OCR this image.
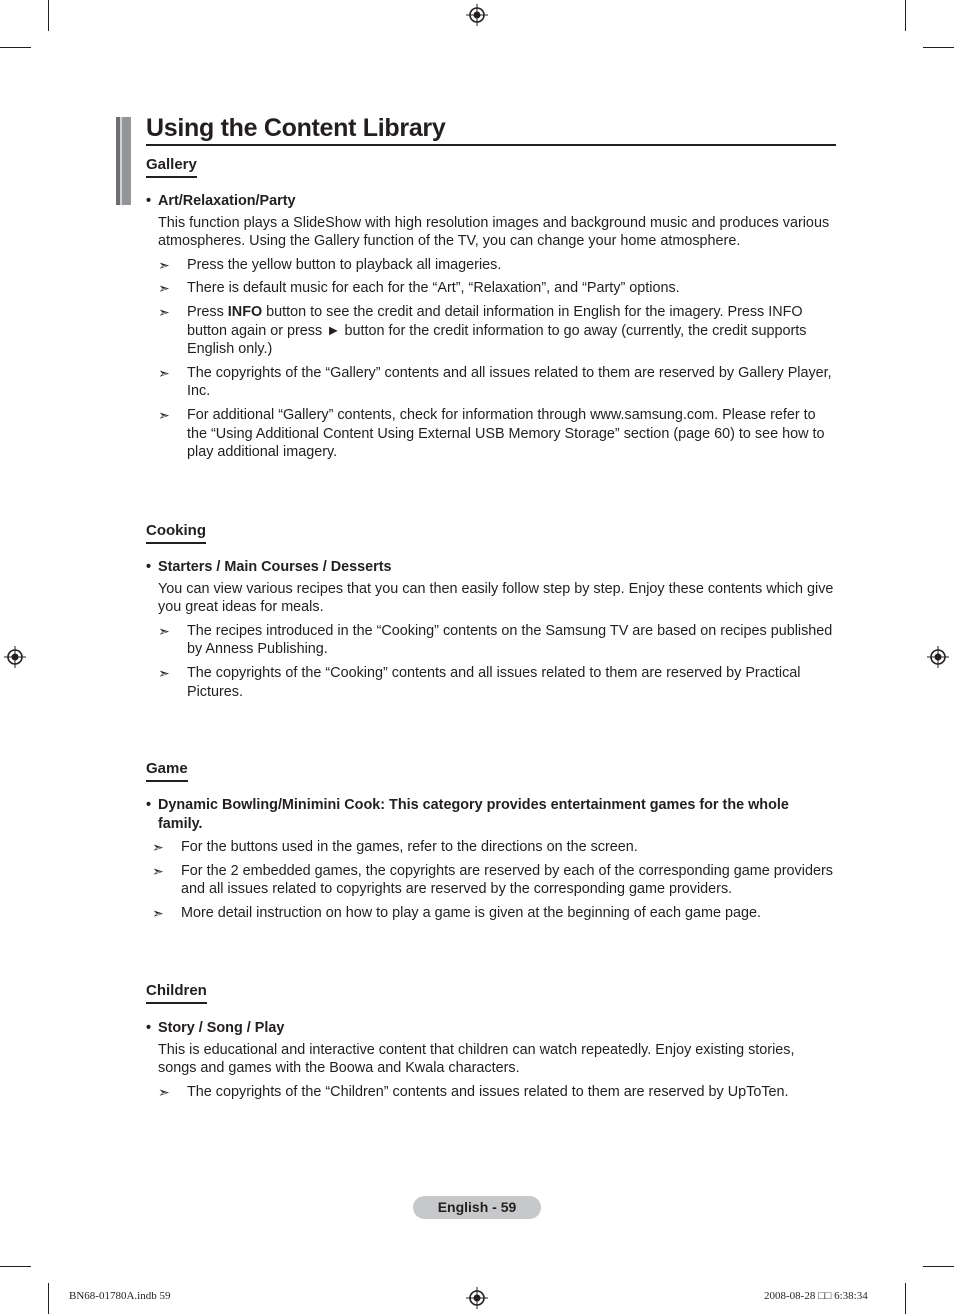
Using the Content Library
Gallery
• Art/Relaxation/Party
This function plays a SlideShow with high resolution images and background music and produces various atmospheres. Using the Gallery function of the TV, you can change your home atmosphere.
➣ Press the yellow button to playback all imageries.
➣ There is default music for each for the “Art”, “Relaxation”, and “Party” options.
➣ Press INFO button to see the credit and detail information in English for the imagery. Press INFO button again or press ► button for the credit information to go away (currently, the credit supports English only.)
➣ The copyrights of the “Gallery” contents and all issues related to them are reserved by Gallery Player, Inc.
➣ For additional “Gallery” contents, check for information through www.samsung.com. Please refer to the “Using Additional Content Using External USB Memory Storage” section (page 60) to see how to play additional imagery.
Cooking
• Starters / Main Courses / Desserts
You can view various recipes that you can then easily follow step by step. Enjoy these contents which give you great ideas for meals.
➣ The recipes introduced in the “Cooking” contents on the Samsung TV are based on recipes published by Anness Publishing.
➣ The copyrights of the “Cooking” contents and all issues related to them are reserved by Practical Pictures.
Game
• Dynamic Bowling/Minimini Cook: This category provides entertainment games for the whole family.
➣ For the buttons used in the games, refer to the directions on the screen.
➣ For the 2 embedded games, the copyrights are reserved by each of the corresponding game providers and all issues related to copyrights are reserved by the corresponding game providers.
➣ More detail instruction on how to play a game is given at the beginning of each game page.
Children
• Story / Song / Play
This is educational and interactive content that children can watch repeatedly. Enjoy existing stories, songs and games with the Boowa and Kwala characters.
➣ The copyrights of the “Children” contents and issues related to them are reserved by UpToTen.
English - 59
BN68-01780A.indb 59	2008-08-28 □□ 6:38:34
